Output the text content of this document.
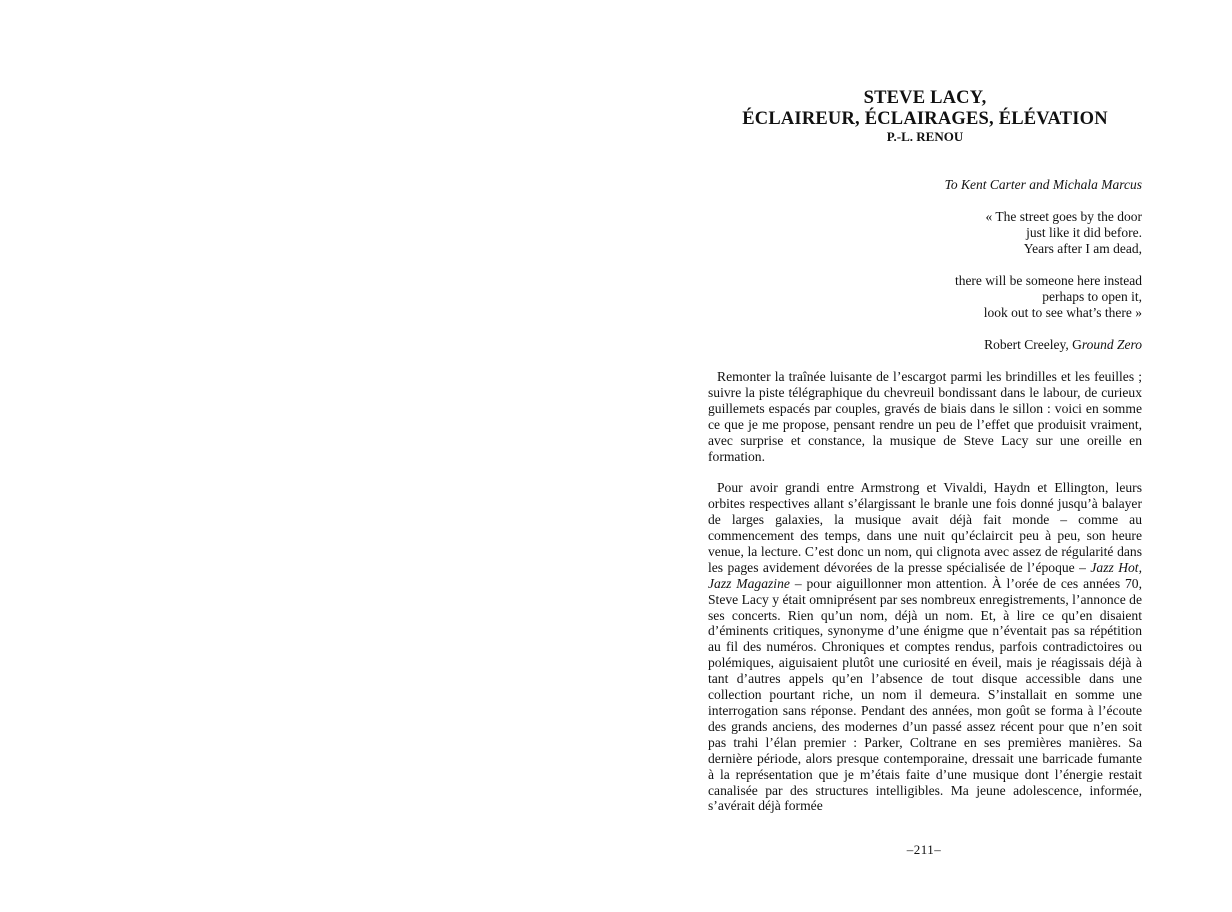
STEVE LACY,
ÉCLAIREUR, ÉCLAIRAGES, ÉLÉVATION
P.-L. RENOU
To Kent Carter and Michala Marcus
« The street goes by the door
just like it did before.
Years after I am dead,
there will be someone here instead
perhaps to open it,
look out to see what’s there »
Robert Creeley, Ground Zero

Remonter la traînée luisante de l’escargot parmi les brindilles et les feuilles ; suivre la piste télégraphique du chevreuil bondissant dans le labour, de curieux guillemets espacés par couples, gravés de biais dans le sillon : voici en somme ce que je me propose, pensant rendre un peu de l’effet que produisit vraiment, avec surprise et constance, la musique de Steve Lacy sur une oreille en formation.

Pour avoir grandi entre Armstrong et Vivaldi, Haydn et Ellington, leurs orbites respectives allant s’élargissant le branle une fois donné jusqu’à balayer de larges galaxies, la musique avait déjà fait monde – comme au commencement des temps, dans une nuit qu’éclaircit peu à peu, son heure venue, la lecture. C’est donc un nom, qui clignota avec assez de régularité dans les pages avidement dévorées de la presse spécialisée de l’époque – Jazz Hot, Jazz Magazine – pour aiguillonner mon attention. À l’orée de ces années 70, Steve Lacy y était omniprésent par ses nombreux enregistrements, l’annonce de ses concerts. Rien qu’un nom, déjà un nom. Et, à lire ce qu’en disaient d’éminents critiques, synonyme d’une énigme que n’éventait pas sa répétition au fil des numéros. Chroniques et comptes rendus, parfois contradictoires ou polémiques, aiguisaient plutôt une curiosité en éveil, mais je réagissais déjà à tant d’autres appels qu’en l’absence de tout disque accessible dans une collection pourtant riche, un nom il demeura. S’installait en somme une interrogation sans réponse. Pendant des années, mon goût se forma à l’écoute des grands anciens, des modernes d’un passé assez récent pour que n’en soit pas trahi l’élan premier : Parker, Coltrane en ses premières manières. Sa dernière période, alors presque contemporaine, dressait une barricade fumante à la représentation que je m’étais faite d’une musique dont l’énergie restait canalisée par des structures intelligibles. Ma jeune adolescence, informée, s’avérait déjà formée

–211–
